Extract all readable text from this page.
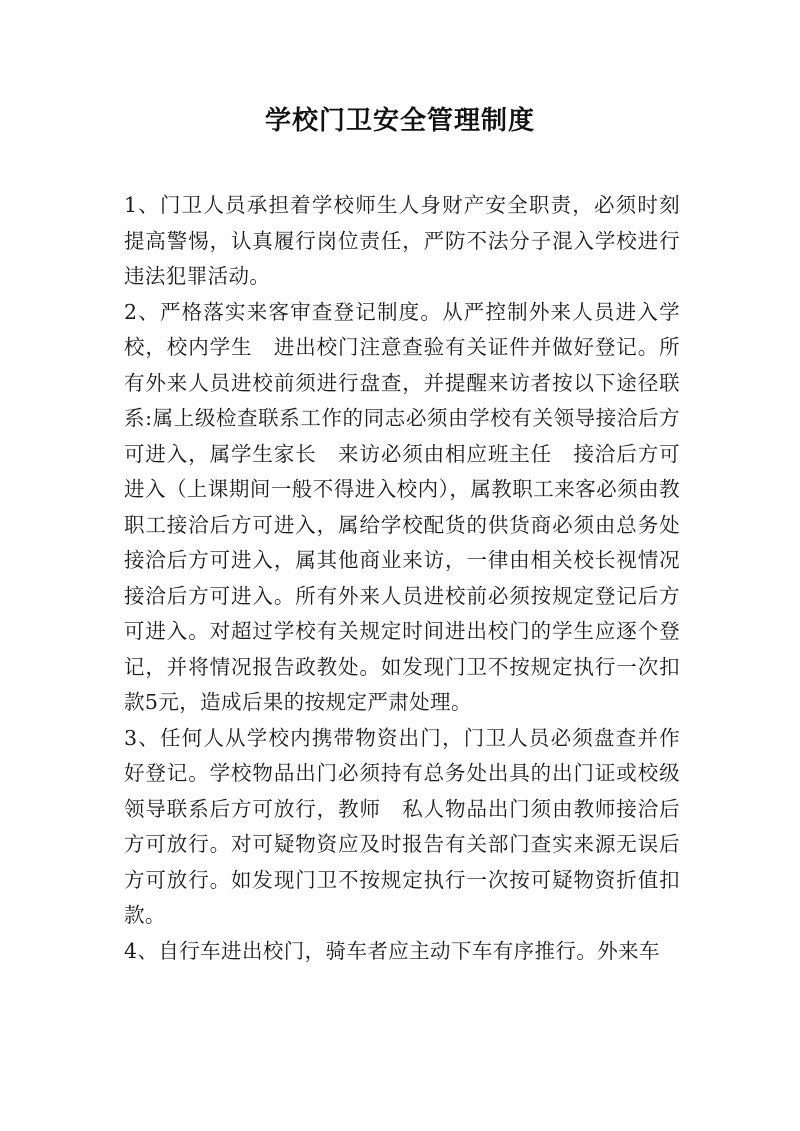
学校门卫安全管理制度

1、门卫人员承担着学校师生人身财产安全职责，必须时刻提高警惕，认真履行岗位责任，严防不法分子混入学校进行违法犯罪活动。

2、严格落实来客审查登记制度。从严控制外来人员进入学校，校内学生　进出校门注意查验有关证件并做好登记。所有外来人员进校前须进行盘查，并提醒来访者按以下途径联系:属上级检查联系工作的同志必须由学校有关领导接洽后方可进入，属学生家长　来访必须由相应班主任　接洽后方可进入（上课期间一般不得进入校内），属教职工来客必须由教职工接洽后方可进入，属给学校配货的供货商必须由总务处接洽后方可进入，属其他商业来访，一律由相关校长视情况接洽后方可进入。所有外来人员进校前必须按规定登记后方可进入。对超过学校有关规定时间进出校门的学生应逐个登记，并将情况报告政教处。如发现门卫不按规定执行一次扣款5元，造成后果的按规定严肃处理。

3、任何人从学校内携带物资出门，门卫人员必须盘查并作好登记。学校物品出门必须持有总务处出具的出门证或校级领导联系后方可放行，教师　私人物品出门须由教师接洽后方可放行。对可疑物资应及时报告有关部门查实来源无误后方可放行。如发现门卫不按规定执行一次按可疑物资折值扣款。

4、自行车进出校门，骑车者应主动下车有序推行。外来车
